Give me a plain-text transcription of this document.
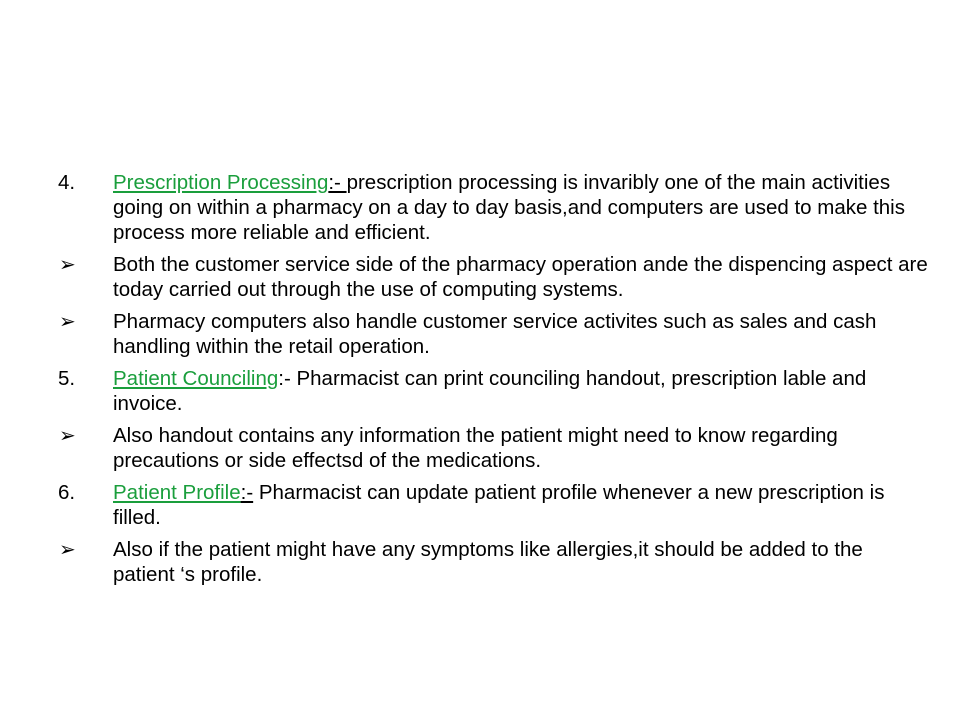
4. Prescription Processing:- prescription processing is invaribly one of the main activities going on within a pharmacy on a day to day basis,and computers are used to make this process more reliable and efficient.
➢ Both the customer service side of the pharmacy operation ande the dispencing aspect are today carried out through the use of computing systems.
➢ Pharmacy computers also handle customer service activites such as sales and cash handling within the retail operation.
5. Patient Counciling:- Pharmacist can print counciling handout, prescription lable and invoice.
➢ Also handout contains any information the patient might need to know regarding precautions or side effectsd of the medications.
6. Patient Profile:- Pharmacist can update patient profile whenever a new prescription is filled.
➢ Also if the patient might have any symptoms like allergies,it should be added to the patient ‘s profile.
